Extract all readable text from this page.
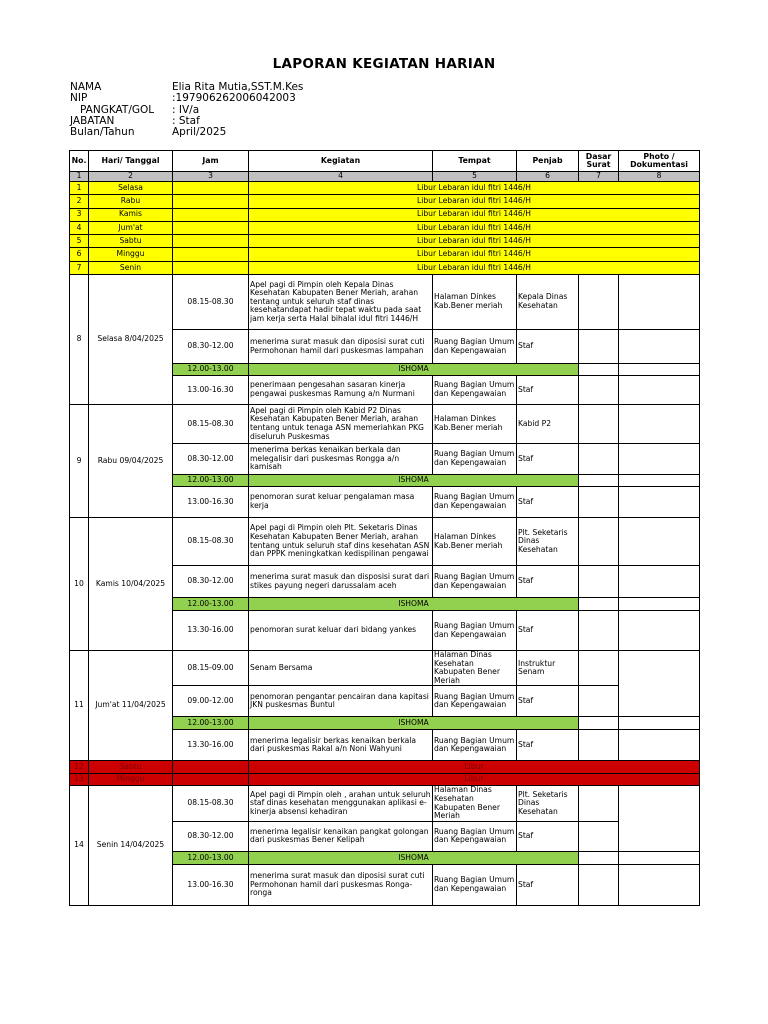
LAPORAN KEGIATAN HARIAN
NAMA	Elia Rita Mutia,SST.M.Kes
NIP	:197906262006042003
PANGKAT/GOL	: IV/a
JABATAN	: Staf
Bulan/Tahun	April/2025
No.	Hari/ Tanggal	Jam	Kegiatan	Tempat	Penjab	Dasar Surat	Photo / Dokumentasi
1	2	3	4	5	6	7	8
1	Selasa		Libur Lebaran idul fitri 1446/H				
2	Rabu		Libur Lebaran idul fitri 1446/H				
3	Kamis		Libur Lebaran idul fitri 1446/H				
4	Jum'at		Libur Lebaran idul fitri 1446/H				
5	Sabtu		Libur Lebaran idul fitri 1446/H				
6	Minggu		Libur Lebaran idul fitri 1446/H				
7	Senin		Libur Lebaran idul fitri 1446/H				
8	Selasa 8/04/2025	08.15-08.30	Apel pagi di Pimpin oleh Kepala Dinas Kesehatan Kabupaten Bener Meriah, arahan tentang untuk seluruh staf dinas kesehatandapat hadir tepat waktu pada saat jam kerja serta Halal bihalal idul fitri 1446/H	Halaman Dinkes Kab.Bener meriah	Kepala Dinas Kesehatan		

		08.30-12.00	menerima surat masuk dan diposisi surat cuti Permohonan hamil dari puskesmas lampahan	Ruang Bagian Umum dan Kepengawaian	Staf		

		12.00-13.00	ISHOMA				
		13.00-16.30	penerimaan pengesahan sasaran kinerja pengawai puskesmas Ramung a/n Nurmani	Ruang Bagian Umum dan Kepengawaian	Staf		
9	Rabu 09/04/2025	08.15-08.30	Apel pagi di Pimpin oleh Kabid P2 Dinas Kesehatan Kabupaten Bener Meriah, arahan tentang untuk tenaga ASN memeriahkan PKG diseluruh Puskesmas	Halaman Dinkes Kab.Bener meriah	Kabid P2		

		08.30-12.00	menerima berkas kenaikan berkala dan melegalisir dari puskesmas Rongga a/n kamisah	Ruang Bagian Umum dan Kepengawaian	Staf		

		12.00-13.00	ISHOMA				
		13.00-16.30	penomoran surat keluar pengalaman masa kerja	Ruang Bagian Umum dan Kepengawaian	Staf		
10	Kamis 10/04/2025	08.15-08.30	Apel pagi di Pimpin oleh Plt. Seketaris Dinas Kesehatan Kabupaten Bener Meriah, arahan tentang untuk seluruh staf dins kesehatan ASN dan PPPK meningkatkan kedispilinan pengawai	Halaman Dinkes Kab.Bener meriah	Plt. Seketaris Dinas Kesehatan		

		08.30-12.00	menerima surat masuk dan disposisi surat dari stikes payung negeri darussalam aceh	Ruang Bagian Umum dan Kepengawaian	Staf		

		12.00-13.00	ISHOMA				
		13.30-16.00	penomoran surat keluar dari bidang yankes	Ruang Bagian Umum dan Kepengawaian	Staf		
11	Jum'at 11/04/2025	08.15-09.00	Senam Bersama	Halaman Dinas Kesehatan Kabupaten Bener Meriah	Instruktur Senam		

		09.00-12.00	penomoran pengantar pencairan dana kapitasi JKN puskesmas Buntul	Ruang Bagian Umum dan Kepengawaian	Staf		
		12.00-13.00	ISHOMA				
		13.30-16.00	menerima legalisir berkas kenaikan berkala dari puskesmas Rakal a/n Noni Wahyuni	Ruang Bagian Umum dan Kepengawaian	Staf		
12	Sabtu		Libur				
13	Minggu		Libur				
14	Senin 14/04/2025	08.15-08.30	Apel pagi di Pimpin oleh , arahan untuk seluruh staf dinas kesehatan menggunakan aplikasi e-kinerja absensi kehadiran	Halaman Dinas Kesehatan Kabupaten Bener Meriah	Plt. Seketaris Dinas Kesehatan		

		08.30-12.00	menerima legalisir kenaikan pangkat golongan dari puskesmas Bener Kelipah	Ruang Bagian Umum dan Kepengawaian	Staf		
		12.00-13.00	ISHOMA				
		13.00-16.30	menerima surat masuk dan diposisi surat cuti Permohonan hamil dari puskesmas Ronga-ronga	Ruang Bagian Umum dan Kepengawaian	Staf		
